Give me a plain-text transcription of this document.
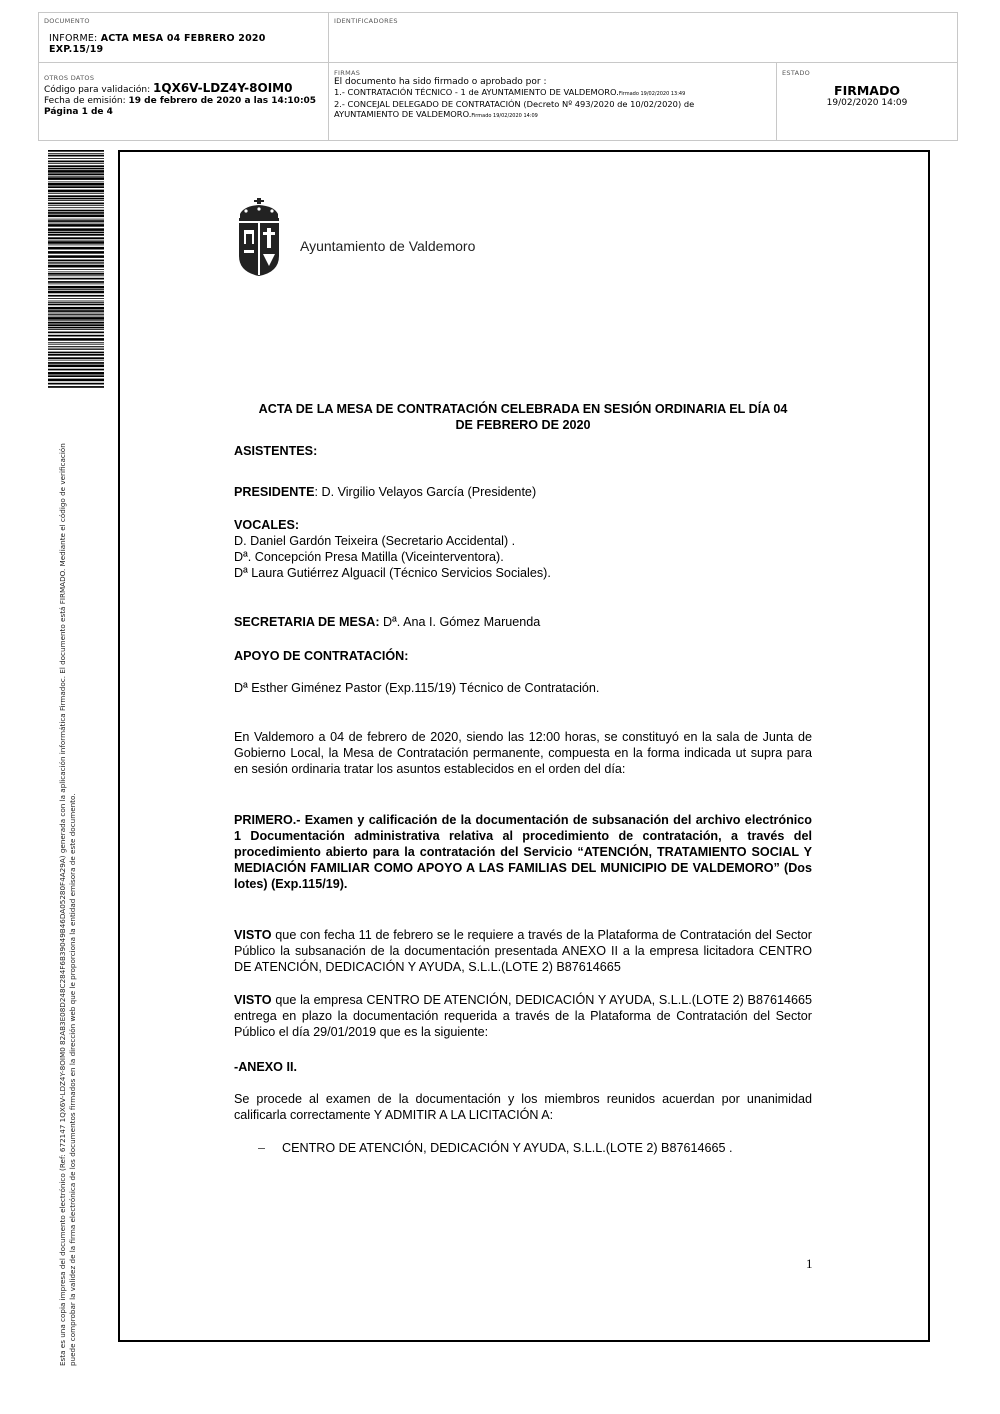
DOCUMENTO
INFORME: ACTA MESA 04 FEBRERO 2020 EXP.15/19
IDENTIFICADORES
OTROS DATOS
Código para validación: 1QX6V-LDZ4Y-8OIM0
Fecha de emisión: 19 de febrero de 2020 a las 14:10:05
Página 1 de 4
FIRMAS
El documento ha sido firmado o aprobado por :
1.- CONTRATACIÓN TÉCNICO - 1 de AYUNTAMIENTO DE VALDEMORO.Firmado 19/02/2020 13:49
2.- CONCEJAL DELEGADO DE CONTRATACIÓN (Decreto Nº 493/2020 de 10/02/2020) de
AYUNTAMIENTO DE VALDEMORO.Firmado 19/02/2020 14:09
ESTADO
FIRMADO
19/02/2020 14:09
Esta es una copia impresa del documento electrónico (Ref: 672147 1QX6V-LDZ4Y-8OIM0 82AB3E08D248C284F6B39049B46DA05280F4A29A) generada con la aplicación informática Firmadoc. El documento está FIRMADO. Mediante el código de verificación puede comprobar la validez de la firma electrónica de los documentos firmados en la dirección web que le proporciona la entidad emisora de este documento.
Ayuntamiento de Valdemoro
ACTA DE LA MESA DE CONTRATACIÓN CELEBRADA EN SESIÓN ORDINARIA EL DÍA 04
DE FEBRERO DE 2020
ASISTENTES:
PRESIDENTE: D. Virgilio Velayos García (Presidente)
VOCALES:
D. Daniel Gardón Teixeira (Secretario Accidental) .
Dª. Concepción Presa Matilla (Viceinterventora).
Dª Laura Gutiérrez Alguacil (Técnico Servicios Sociales).
SECRETARIA DE MESA: Dª. Ana I. Gómez Maruenda
APOYO DE CONTRATACIÓN:
Dª Esther Giménez Pastor (Exp.115/19) Técnico de Contratación.
En Valdemoro a 04 de febrero de 2020, siendo las 12:00 horas, se constituyó en la sala de Junta de Gobierno Local, la Mesa de Contratación permanente, compuesta en la forma indicada ut supra para en sesión ordinaria tratar los asuntos establecidos en el orden del día:
PRIMERO.- Examen y calificación de la documentación de subsanación del archivo electrónico 1 Documentación administrativa relativa al procedimiento de contratación, a través del procedimiento abierto para la contratación del Servicio “ATENCIÓN, TRATAMIENTO SOCIAL Y MEDIACIÓN FAMILIAR COMO APOYO A LAS FAMILIAS DEL MUNICIPIO DE VALDEMORO” (Dos lotes) (Exp.115/19).
VISTO que con fecha 11 de febrero se le requiere a través de la Plataforma de Contratación del Sector Público la subsanación de la documentación presentada ANEXO II a la empresa licitadora CENTRO DE ATENCIÓN, DEDICACIÓN Y AYUDA, S.L.L.(LOTE 2) B87614665
VISTO que la empresa CENTRO DE ATENCIÓN, DEDICACIÓN Y AYUDA, S.L.L.(LOTE 2) B87614665 entrega en plazo la documentación requerida a través de la Plataforma de Contratación del Sector Público el día 29/01/2019 que es la siguiente:
-ANEXO II.
Se procede al examen de la documentación y los miembros reunidos acuerdan por unanimidad calificarla correctamente Y ADMITIR A LA LICITACIÓN A:
– CENTRO DE ATENCIÓN, DEDICACIÓN Y AYUDA, S.L.L.(LOTE 2) B87614665 .
1
